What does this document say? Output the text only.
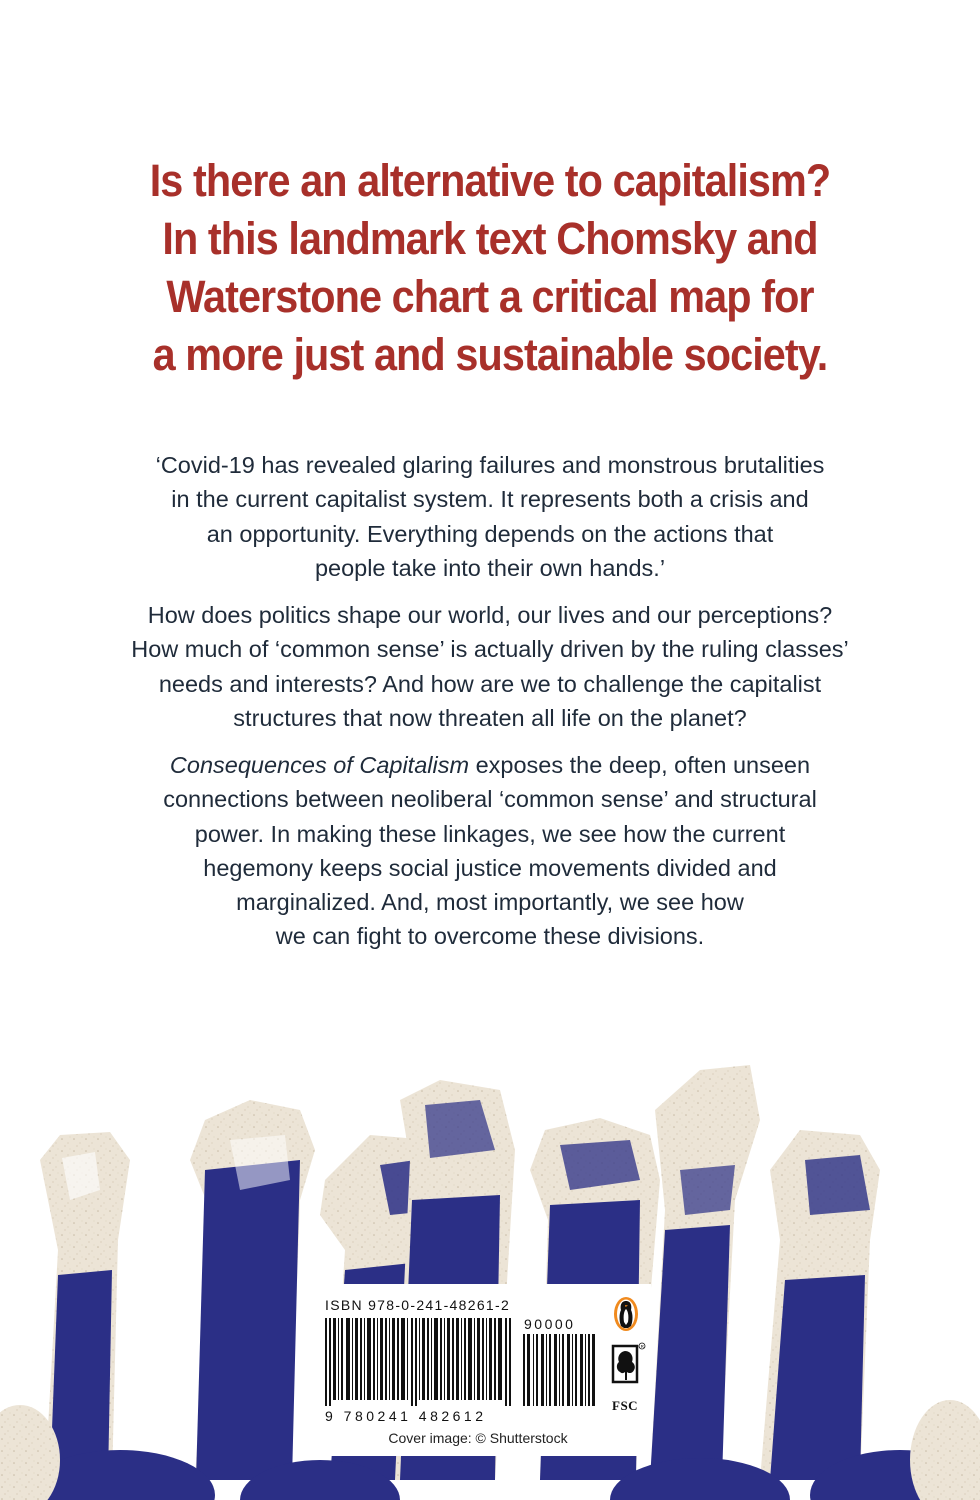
Is there an alternative to capitalism?
In this landmark text Chomsky and
Waterstone chart a critical map for
a more just and sustainable society.
‘Covid-19 has revealed glaring failures and monstrous brutalities
in the current capitalist system. It represents both a crisis and
an opportunity. Everything depends on the actions that
people take into their own hands.’
How does politics shape our world, our lives and our perceptions?
How much of ‘common sense’ is actually driven by the ruling classes’
needs and interests? And how are we to challenge the capitalist
structures that now threaten all life on the planet?
Consequences of Capitalism exposes the deep, often unseen
connections between neoliberal ‘common sense’ and structural
power. In making these linkages, we see how the current
hegemony keeps social justice movements divided and
marginalized. And, most importantly, we see how
we can fight to overcome these divisions.
ISBN 978-0-241-48261-2
90000
9 780241 482612
R
FSC
Cover image: © Shutterstock
